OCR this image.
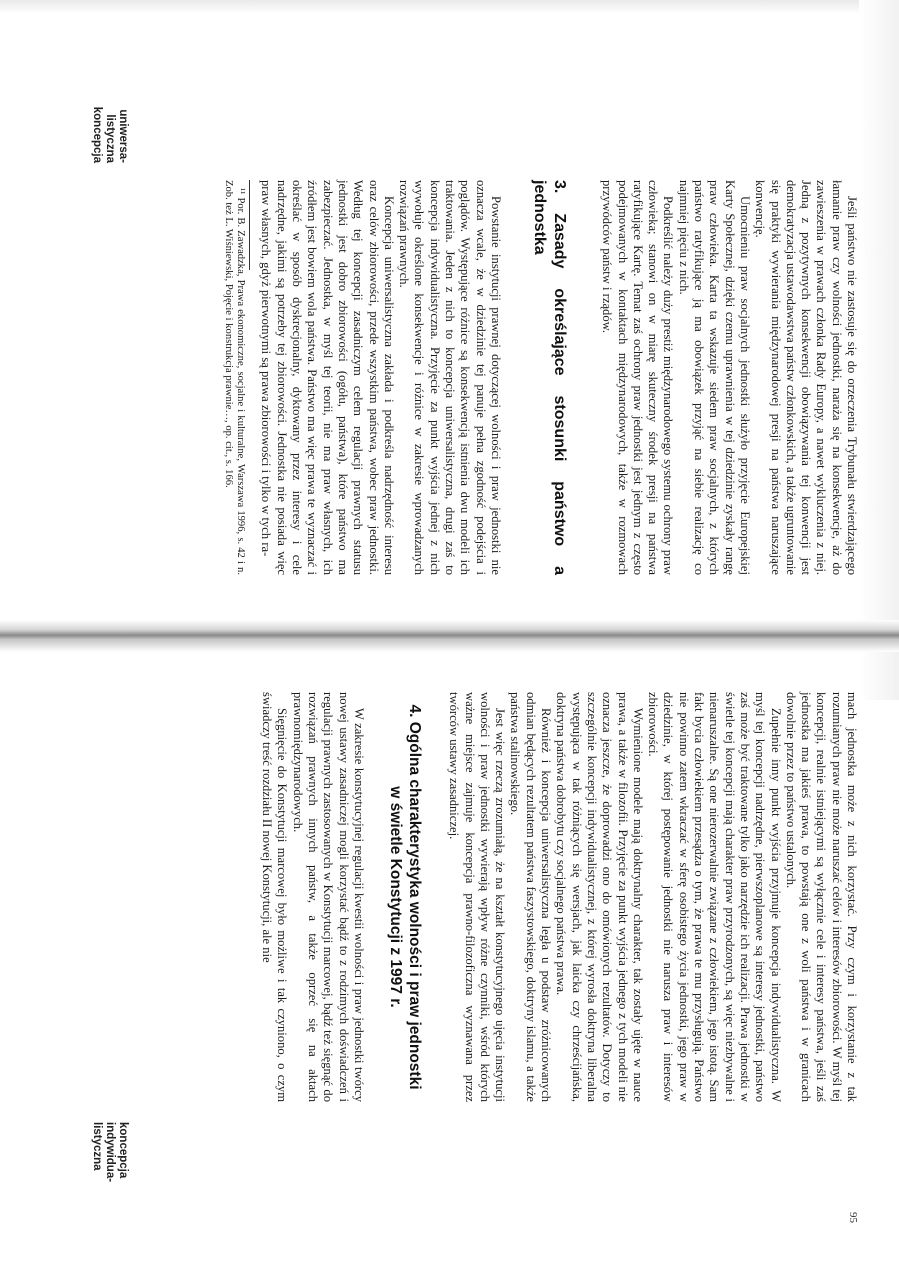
Jeśli państwo nie zastosuje się do orzeczenia Trybunału stwierdzającego łamanie praw czy wolności jednostki, naraża się na konsekwencje, aż do zawieszenia w prawach członka Rady Europy, a nawet wykluczenia z niej. Jedną z pozytywnych konsekwencji obowiązywania tej konwencji jest demokratyzacja ustawodawstwa państw członkowskich, a także ugruntowanie się praktyki wywierania międzynarodowej presji na państwa naruszające konwencję.

Umocnieniu praw socjalnych jednostki służyło przyjęcie Europejskiej Karty Społecznej, dzięki czemu uprawnienia w tej dziedzinie zyskały rangę praw człowieka. Karta ta wskazuje siedem praw socjalnych, z których państwo ratyfikujące ją ma obowiązek przyjąć na siebie realizację co najmniej pięciu z nich.

Podkreślić należy duży prestiż międzynarodowego systemu ochrony praw człowieka; stanowi on w miarę skuteczny środek presji na państwa ratyfikujące Kartę. Temat zaś ochrony praw jednostki jest jednym z często podejmowanych w kontaktach międzynarodowych, także w rozmowach przywódców państw i rządów.

3. Zasady określające stosunki państwo a jednostka

Powstanie instytucji prawnej dotyczącej wolności i praw jednostki nie oznacza wcale, że w dziedzinie tej panuje pełna zgodność podejścia i poglądów. Występujące różnice są konsekwencją istnienia dwu modeli ich traktowania. Jeden z nich to koncepcja uniwersalistyczna, drugi zaś to koncepcja indywidualistyczna. Przyjęcie za punkt wyjścia jednej z nich wywołuje określone konsekwencje i różnice w zakresie wprowadzanych rozwiązań prawnych.

Koncepcja uniwersalistyczna zakłada i podkreśla nadrzędność interesu oraz celów zbiorowości, przede wszystkim państwa, wobec praw jednostki. Według tej koncepcji zasadniczym celem regulacji prawnych statusu jednostki jest dobro zbiorowości (ogółu, państwa), które państwo ma zabezpieczać. Jednostka, w myśl tej teorii, nie ma praw własnych, ich źródłem jest bowiem wola państwa. Państwo ma więc prawa te wyznaczać i określać w sposób dyskrecjonalny, dyktowany przez interesy i cele nadrzędne, jakimi są potrzeby tej zbiorowości. Jednostka nie posiada więc praw własnych, gdyż pierwotnymi są prawa zbiorowości i tylko w tych ra-

¹¹ Por. B. Zawadzka, Prawa ekonomiczne, socjalne i kulturalne, Warszawa 1996, s. 42 i n. Zob. też L. Wiśniewski, Pojęcie i konstrukcja prawnie…, op. cit., s. 166.

uniwersa-
listyczna
koncepcja

mach jednostka może z nich korzystać. Przy czym i korzystanie z tak rozumianych praw nie może naruszać celów i interesów zbiorowości. W myśl tej koncepcji, realnie istniejącymi są wyłącznie cele i interesy państwa, jeśli zaś jednostka ma jakieś prawa, to powstają one z woli państwa i w granicach dowolnie przez to państwo ustalonych.

Zupełnie inny punkt wyjścia przyjmuje koncepcja indywidualistyczna. W myśl tej koncepcji nadrzędne, pierwszoplanowe są interesy jednostki, państwo zaś może być traktowane tylko jako narzędzie ich realizacji. Prawa jednostki w świetle tej koncepcji mają charakter praw przyrodzonych, są więc niezbywalne i nienaruszalne. Są one nierozerwalnie związane z człowiekiem, jego istotą. Sam fakt bycia człowiekiem przesądza o tym, że prawa te mu przysługują. Państwo nie powinno zatem wkraczać w sferę osobistego życia jednostki, jego praw w dziedzinie, w której postępowanie jednostki nie narusza praw i interesów zbiorowości.

Wymienione modele mają doktrynalny charakter, tak zostały ujęte w nauce prawa, a także w filozofii. Przyjęcie za punkt wyjścia jednego z tych modeli nie oznacza jeszcze, że doprowadzi ono do omówionych rezultatów. Dotyczy to szczególnie koncepcji indywidualistycznej, z której wyrosła doktryna liberalna występująca w tak różniących się wersjach, jak laicka czy chrześcijańska, doktryna państwa dobrobytu czy socjalnego państwa prawa.

Również i koncepcja uniwersalistyczna legła u podstaw zróżnicowanych odmian będących rezultatem państwa faszystowskiego, doktryny islamu, a także państwa stalinowskiego.

Jest więc rzeczą zrozumiałą, że na kształt konstytucyjnego ujęcia instytucji wolności i praw jednostki wywierają wpływ różne czynniki, wśród których ważne miejsce zajmuje koncepcja prawno-filozoficzna wyznawana przez twórców ustawy zasadniczej.

4. Ogólna charakterystyka wolności i praw jednostki
w świetle Konstytucji z 1997 r.

W zakresie konstytucyjnej regulacji kwestii wolności i praw jednostki twórcy nowej ustawy zasadniczej mogli korzystać bądź to z rodzimych doświadczeń i regulacji prawnych zastosowanych w Konstytucji marcowej, bądź też sięgnąć do rozwiązań prawnych innych państw, a także oprzeć się na aktach prawnomiędzynarodowych.

Sięgnięcie do Konstytucji marcowej było możliwe i tak czyniono, o czym świadczy treść rozdziału II nowej Konstytucji, ale nie

koncepcja
indywidua-
listyczna
95
